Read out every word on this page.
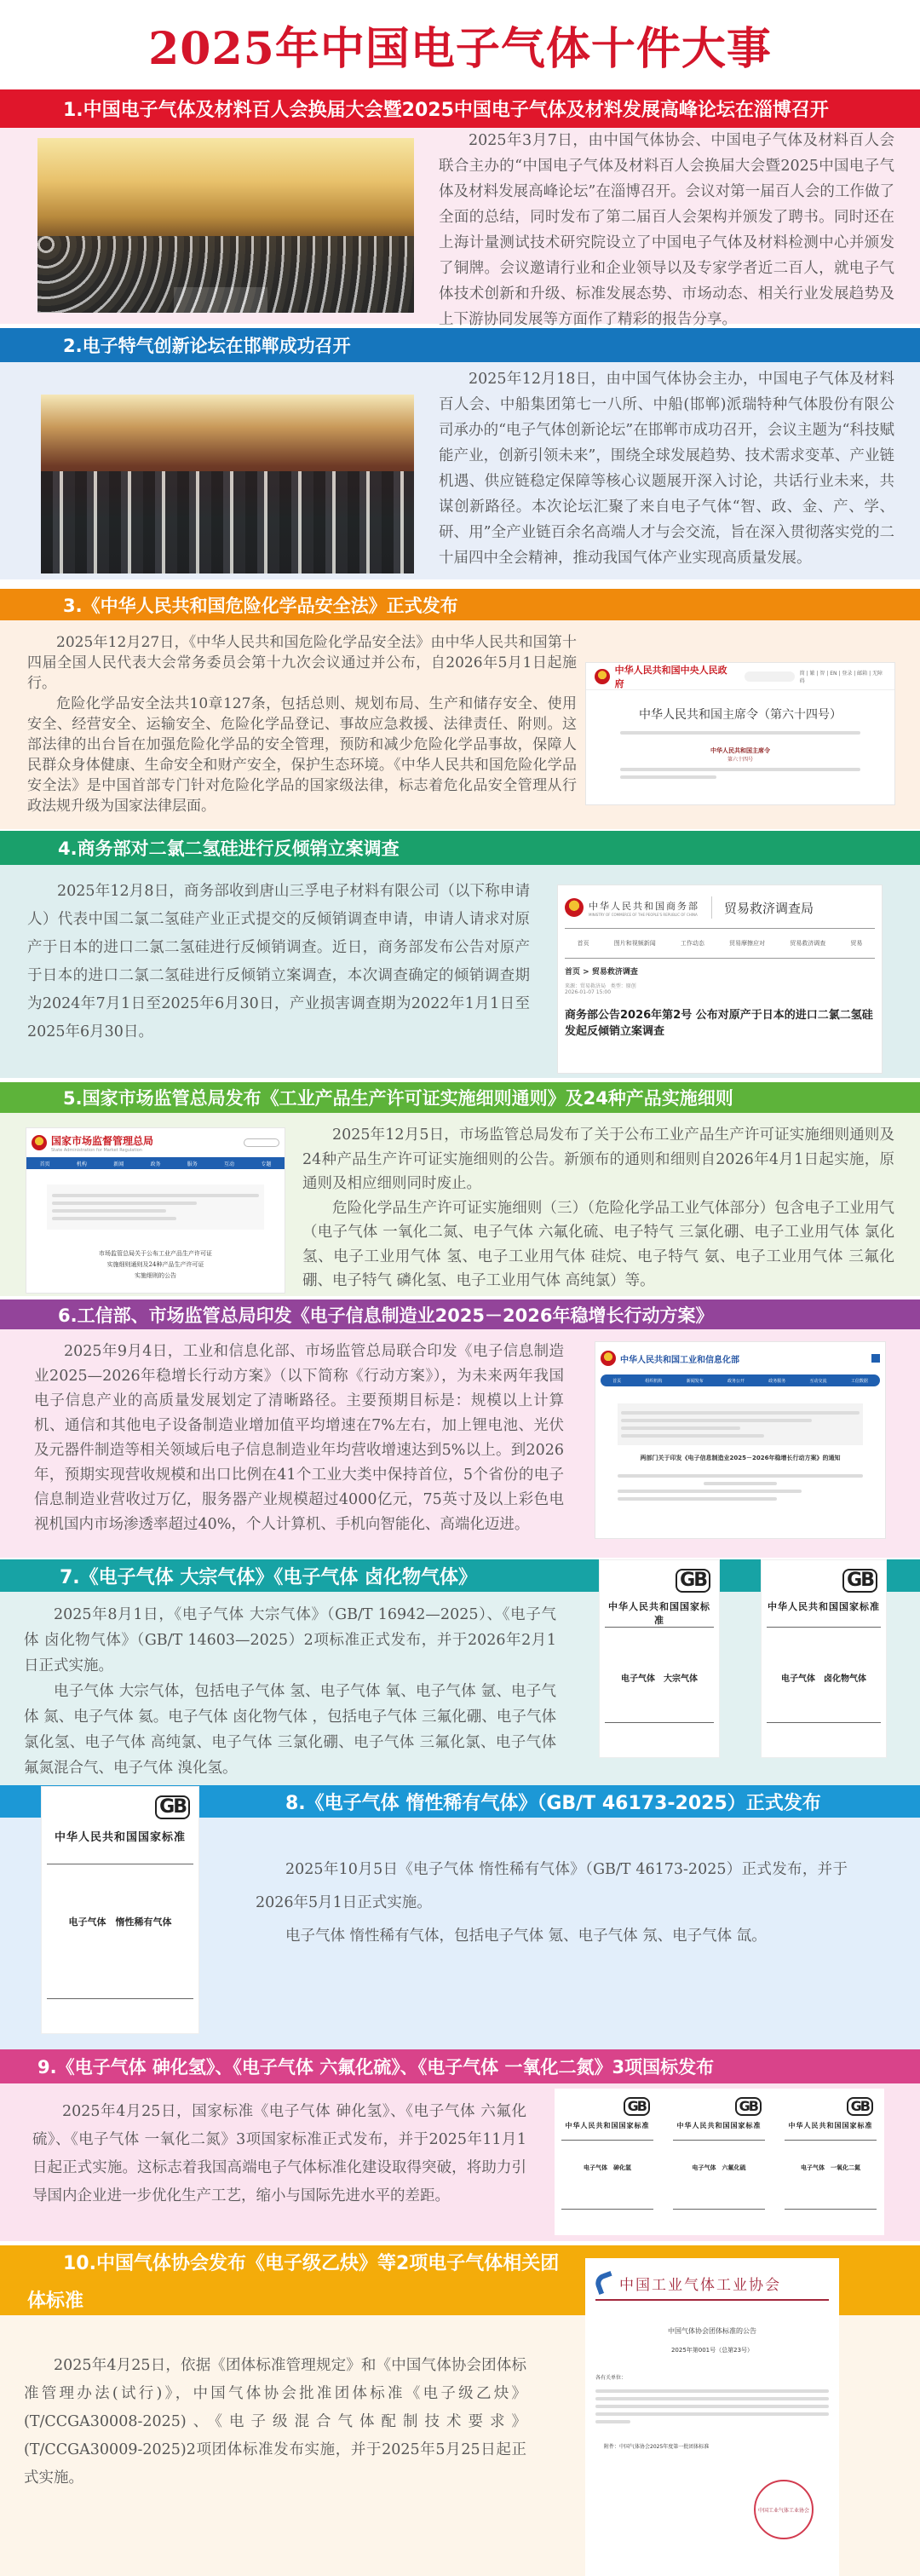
2025年中国电子气体十件大事
1.中国电子气体及材料百人会换届大会暨2025中国电子气体及材料发展高峰论坛在淄博召开

2025年3月7日，由中国气体协会、中国电子气体及材料百人会联合主办的“中国电子气体及材料百人会换届大会暨2025中国电子气体及材料发展高峰论坛”在淄博召开。会议对第一届百人会的工作做了全面的总结，同时发布了第二届百人会架构并颁发了聘书。同时还在上海计量测试技术研究院设立了中国电子气体及材料检测中心并颁发了铜牌。会议邀请行业和企业领导以及专家学者近二百人，就电子气体技术创新和升级、标准发展态势、市场动态、相关行业发展趋势及上下游协同发展等方面作了精彩的报告分享。

2.电子特气创新论坛在邯郸成功召开

2025年12月18日，由中国气体协会主办，中国电子气体及材料百人会、中船集团第七一八所、中船(邯郸)派瑞特种气体股份有限公司承办的“电子气体创新论坛”在邯郸市成功召开，会议主题为“科技赋能产业，创新引领未来”，围绕全球发展趋势、技术需求变革、产业链机遇、供应链稳定保障等核心议题展开深入讨论，共话行业未来，共谋创新路径。本次论坛汇聚了来自电子气体“智、政、金、产、学、研、用”全产业链百余名高端人才与会交流，旨在深入贯彻落实党的二十届四中全会精神，推动我国气体产业实现高质量发展。

3.《中华人民共和国危险化学品安全法》正式发布

2025年12月27日，《中华人民共和国危险化学品安全法》由中华人民共和国第十四届全国人民代表大会常务委员会第十九次会议通过并公布，自2026年5月1日起施行。

危险化学品安全法共10章127条，包括总则、规划布局、生产和储存安全、使用安全、经营安全、运输安全、危险化学品登记、事故应急救援、法律责任、附则。这部法律的出台旨在加强危险化学品的安全管理，预防和减少危险化学品事故，保障人民群众身体健康、生命安全和财产安全，保护生态环境。《中华人民共和国危险化学品安全法》是中国首部专门针对危险化学品的国家级法律，标志着危化品安全管理从行政法规升级为国家法律层面。

中华人民共和国中央人民政府
简 | 繁 | 智 | EN | 登录 | 邮箱 | 无障碍
中华人民共和国主席令（第六十四号）
中华人民共和国主席令
第六十四号
4.商务部对二氯二氢硅进行反倾销立案调查

2025年12月8日，商务部收到唐山三孚电子材料有限公司（以下称申请人）代表中国二氯二氢硅产业正式提交的反倾销调查申请，申请人请求对原产于日本的进口二氯二氢硅进行反倾销调查。近日，商务部发布公告对原产于日本的进口二氯二氢硅进行反倾销立案调查，本次调查确定的倾销调查期为2024年7月1日至2025年6月30日，产业损害调查期为2022年1月1日至2025年6月30日。

中华人民共和国商务部
MINISTRY OF COMMERCE OF THE PEOPLE'S REPUBLIC OF CHINA 贸易救济调查局
首页	图片和视频新闻	工作动态	贸易摩擦应对	贸易救济调查	贸易
首页 > 贸易救济调查
来源：贸易救济局 类型：原创
2026-01-07 15:00
商务部公告2026年第2号 公布对原产于日本的进口二氯二氢硅发起反倾销立案调查
5.国家市场监管总局发布《工业产品生产许可证实施细则通则》及24种产品实施细则
国家市场监督管理总局
State Administration for Market Regulation
首页	机构	新闻	政务	服务	互动	专题
市场监管总局关于公布工业产品生产许可证
实施细则通则及24种产品生产许可证
实施细则的公告

2025年12月5日，市场监管总局发布了关于公布工业产品生产许可证实施细则通则及24种产品生产许可证实施细则的公告。新颁布的通则和细则自2026年4月1日起实施，原通则及相应细则同时废止。

危险化学品生产许可证实施细则（三）（危险化学品工业气体部分）包含电子工业用气（电子气体 一氧化二氮、电子气体 六氟化硫、电子特气 三氯化硼、电子工业用气体 氯化氢、电子工业用气体 氢、电子工业用气体 硅烷、电子特气 氨、电子工业用气体 三氟化硼、电子特气 磷化氢、电子工业用气体 高纯氯）等。

6.工信部、市场监管总局印发《电子信息制造业2025－2026年稳增长行动方案》

2025年9月4日，工业和信息化部、市场监管总局联合印发《电子信息制造业2025—2026年稳增长行动方案》（以下简称《行动方案》），为未来两年我国电子信息产业的高质量发展划定了清晰路径。主要预期目标是：规模以上计算机、通信和其他电子设备制造业增加值平均增速在7%左右，加上锂电池、光伏及元器件制造等相关领域后电子信息制造业年均营收增速达到5%以上。到2026年，预期实现营收规模和出口比例在41个工业大类中保持首位，5个省份的电子信息制造业营收过万亿，服务器产业规模超过4000亿元，75英寸及以上彩色电视机国内市场渗透率超过40%，个人计算机、手机向智能化、高端化迈进。

中华人民共和国工业和信息化部
首页	组织机构	新闻发布	政务公开	政务服务	互动交流	工信数据
两部门关于印发《电子信息制造业2025－2026年稳增长行动方案》的通知
7.《电子气体 大宗气体》《电子气体 卤化物气体》

2025年8月1日，《电子气体 大宗气体》（GB/T 16942—2025）、《电子气体 卤化物气体》（GB/T 14603—2025）2项标准正式发布，并于2026年2月1日正式实施。

电子气体 大宗气体，包括电子气体 氢、电子气体 氧、电子气体 氩、电子气体 氮、电子气体 氦。电子气体 卤化物气体 ，包括电子气体 三氟化硼、电子气体 氯化氢、电子气体 高纯氯、电子气体 三氯化硼、电子气体 三氟化氯、电子气体 氟氮混合气、电子气体 溴化氢。

GB
中华人民共和国国家标准
电子气体　大宗气体
GB
中华人民共和国国家标准
电子气体　卤化物气体
8.《电子气体 惰性稀有气体》（GB/T 46173-2025）正式发布
GB
中华人民共和国国家标准
电子气体　惰性稀有气体

2025年10月5日《电子气体 惰性稀有气体》（GB/T 46173-2025）正式发布，并于2026年5月1日正式实施。

电子气体 惰性稀有气体，包括电子气体 氪、电子气体 氖、电子气体 氙。

9.《电子气体 砷化氢》、《电子气体 六氟化硫》、《电子气体 一氧化二氮》3项国标发布

2025年4月25日，国家标准《电子气体 砷化氢》、《电子气体 六氟化硫》、《电子气体 一氧化二氮》3项国家标准正式发布，并于2025年11月1日起正式实施。这标志着我国高端电子气体标准化建设取得突破，将助力引导国内企业进一步优化生产工艺，缩小与国际先进水平的差距。

GB
中华人民共和国国家标准
电子气体　砷化氢
GB
中华人民共和国国家标准
电子气体　六氟化硫
GB
中华人民共和国国家标准
电子气体　一氧化二氮
10.中国气体协会发布《电子级乙炔》等2项电子气体相关团体标准

2025年4月25日，依据《团体标准管理规定》和《中国气体协会团体标准管理办法(试行)》，中国气体协会批准团体标准《电子级乙炔》(T/CCGA30008-2025)、《电子级混合气体配制技术要求》(T/CCGA30009-2025)2项团体标准发布实施，并于2025年5月25日起正式实施。

中国工业气体工业协会
中国气体协会团体标准的公告
2025年第001号（总第23号）
各有关单位：
附件：中国气体协会2025年度第一批团体标准
中国工业气体工业协会
